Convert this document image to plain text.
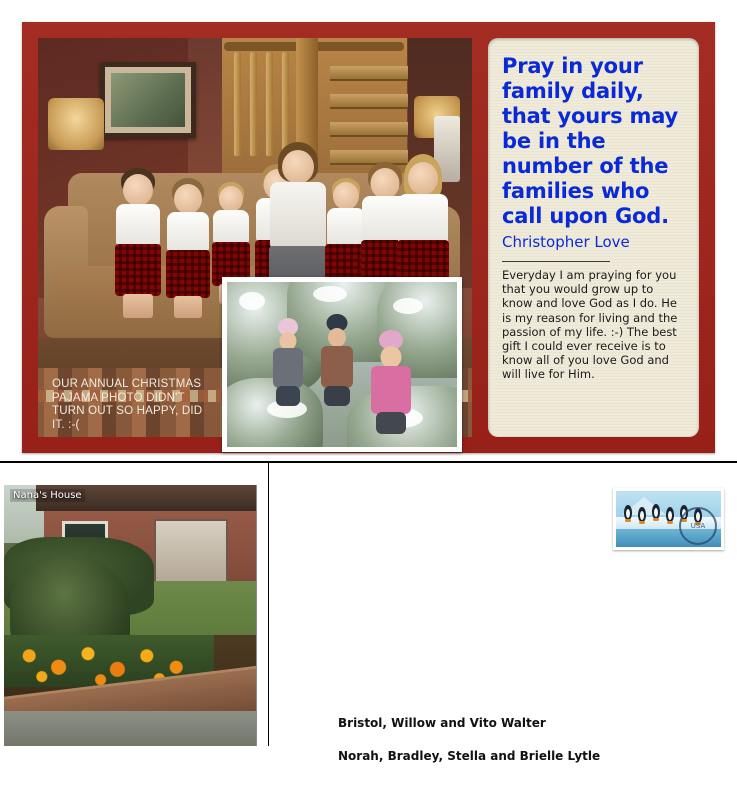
OUR ANNUAL CHRISTMAS PAJAMA PHOTO DIDN'T TURN OUT SO HAPPY, DID IT. :-(
Pray in your family daily, that yours may be in the number of the families who call upon God.
Christopher Love
Everyday I am praying for you that you would grow up to know and love God as I do. He is my reason for living and the passion of my life. :-) The best gift I could ever receive is to know all of you love God and will live for Him.
Nana's House
USA
Bristol, Willow and Vito Walter
Norah, Bradley, Stella and Brielle Lytle
